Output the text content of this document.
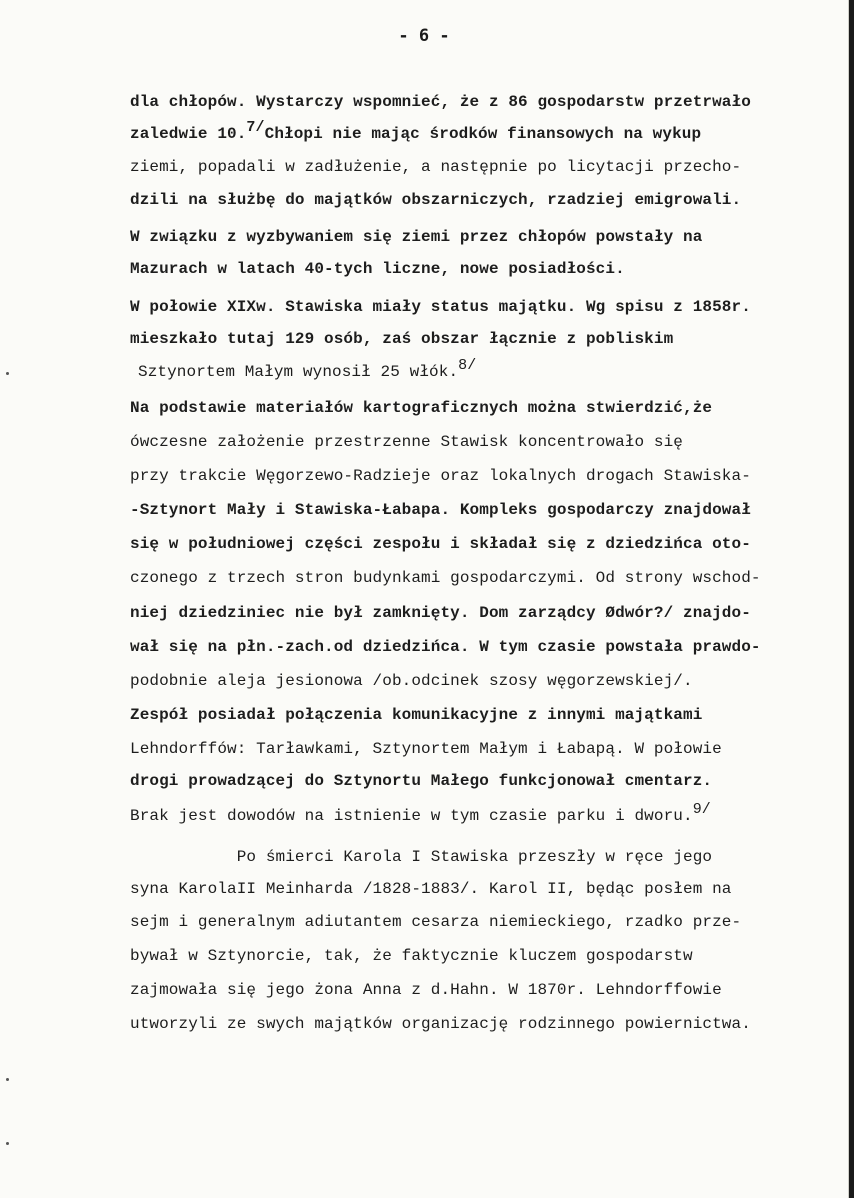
- 6 -
dla chłopów. Wystarczy wspomnieć, że z 86 gospodarstw przetrwało
zaledwie 10.7/Chłopi nie mając środków finansowych na wykup
ziemi, popadali w zadłużenie, a następnie po licytacji przecho-
dzili na służbę do majątków obszarniczych, rzadziej emigrowali.
W związku z wyzbywaniem się ziemi przez chłopów powstały na
Mazurach w latach 40-tych liczne, nowe posiadłości.
W połowie XIXw. Stawiska miały status majątku. Wg spisu z 1858r.
mieszkało tutaj 129 osób, zaś obszar łącznie z pobliskim
Sztynortem Małym wynosił 25 włók.8/
Na podstawie materiałów kartograficznych można stwierdzić,że
ówczesne założenie przestrzenne Stawisk koncentrowało się
przy trakcie Węgorzewo-Radzieje oraz lokalnych drogach Stawiska-
-Sztynort Mały i Stawiska-Łabapa. Kompleks gospodarczy znajdował
się w południowej części zespołu i składał się z dziedzińca oto-
czonego z trzech stron budynkami gospodarczymi. Od strony wschod-
niej dziedziniec nie był zamknięty. Dom zarządcy Ødwór?/ znajdo-
wał się na płn.-zach.od dziedzińca. W tym czasie powstała prawdo-
podobnie aleja jesionowa /ob.odcinek szosy węgorzewskiej/.
Zespół posiadał połączenia komunikacyjne z innymi majątkami
Lehndorffów: Tarławkami, Sztynortem Małym i Łabapą. W połowie
drogi prowadzącej do Sztynortu Małego funkcjonował cmentarz.
Brak jest dowodów na istnienie w tym czasie parku i dworu.9/
Po śmierci Karola I Stawiska przeszły w ręce jego
syna KarolaII Meinharda /1828-1883/. Karol II, będąc posłem na
sejm i generalnym adiutantem cesarza niemieckiego, rzadko prze-
bywał w Sztynorcie, tak, że faktycznie kluczem gospodarstw
zajmowała się jego żona Anna z d.Hahn. W 1870r. Lehndorffowie
utworzyli ze swych majątków organizację rodzinnego powiernictwa.
